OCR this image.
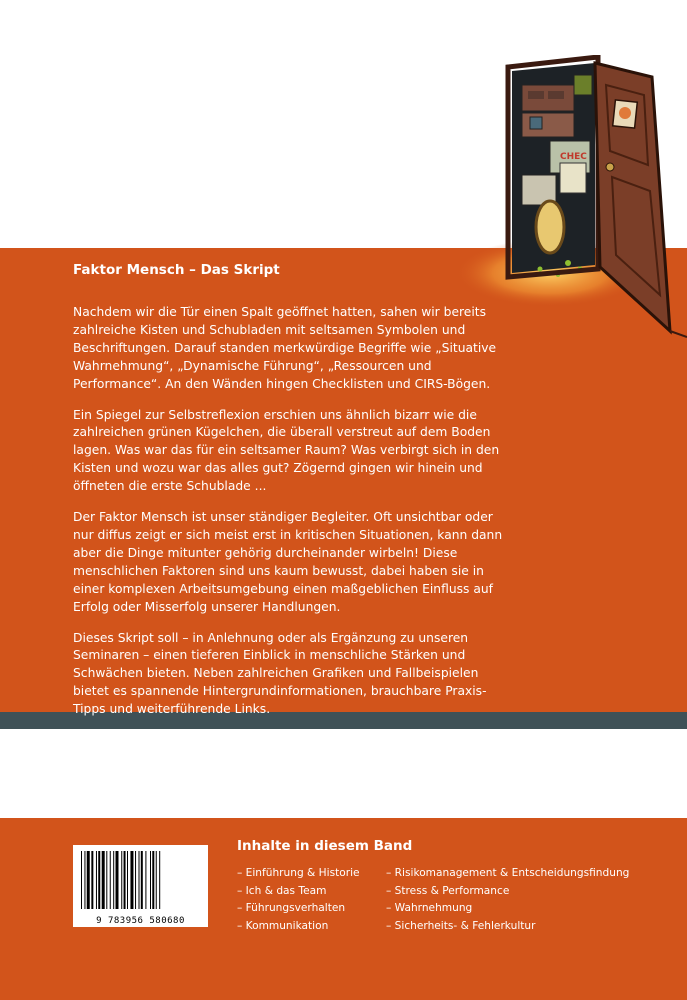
CHEC
Faktor Mensch – Das Skript

Nachdem wir die Tür einen Spalt geöffnet hatten, sahen wir bereits zahlreiche Kisten und Schubladen mit seltsamen Symbolen und Beschriftungen. Darauf standen merkwürdige Begriffe wie „Situative Wahrnehmung“, „Dynamische Führung“, „Ressourcen und Performance“. An den Wänden hingen Checklisten und CIRS-Bögen.

Ein Spiegel zur Selbstreflexion erschien uns ähnlich bizarr wie die zahlreichen grünen Kügelchen, die überall verstreut auf dem Boden lagen. Was war das für ein seltsamer Raum? Was verbirgt sich in den Kisten und wozu war das alles gut? Zögernd gingen wir hinein und öffneten die erste Schublade ...

Der Faktor Mensch ist unser ständiger Begleiter. Oft unsichtbar oder nur diffus zeigt er sich meist erst in kritischen Situationen, kann dann aber die Dinge mitunter gehörig durcheinander wirbeln! Diese menschlichen Faktoren sind uns kaum bewusst, dabei haben sie in einer komplexen Arbeitsumgebung einen maßgeblichen Einfluss auf Erfolg oder Misserfolg unserer Handlungen.

Dieses Skript soll – in Anlehnung oder als Ergänzung zu unseren Seminaren – einen tieferen Einblick in menschliche Stärken und Schwächen bieten. Neben zahlreichen Grafiken und Fallbeispielen bietet es spannende Hintergrundinformationen, brauchbare Praxis-Tipps und weiterführende Links.

9 783956 580680
Inhalte in diesem Band
– Einführung & Historie
– Ich & das Team
– Führungsverhalten
– Kommunikation
– Risikomanagement & Entscheidungsfindung
– Stress & Performance
– Wahrnehmung
– Sicherheits- & Fehlerkultur
